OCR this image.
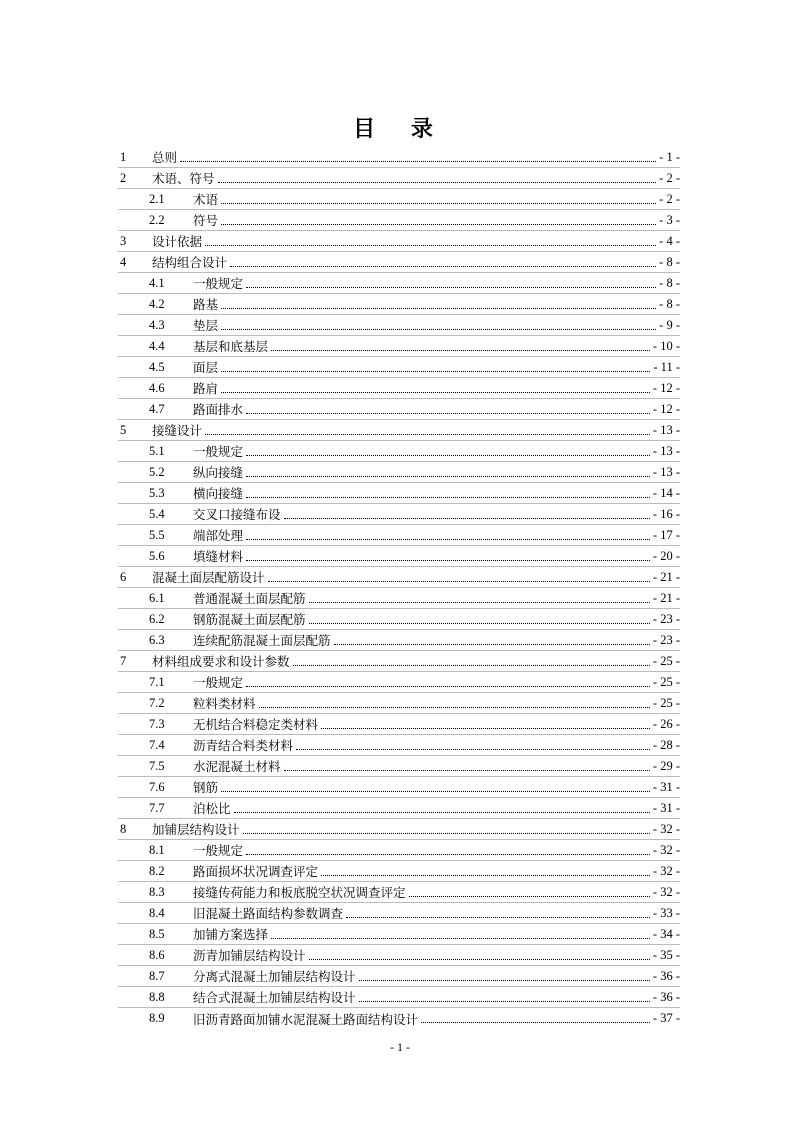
目 录
1	总则	- 1 -
2	术语、符号	- 2 -
2.1	术语	- 2 -
2.2	符号	- 3 -
3	设计依据	- 4 -
4	结构组合设计	- 8 -
4.1	一般规定	- 8 -
4.2	路基	- 8 -
4.3	垫层	- 9 -
4.4	基层和底基层	- 10 -
4.5	面层	- 11 -
4.6	路肩	- 12 -
4.7	路面排水	- 12 -
5	接缝设计	- 13 -
5.1	一般规定	- 13 -
5.2	纵向接缝	- 13 -
5.3	横向接缝	- 14 -
5.4	交叉口接缝布设	- 16 -
5.5	端部处理	- 17 -
5.6	填缝材料	- 20 -
6	混凝土面层配筋设计	- 21 -
6.1	普通混凝土面层配筋	- 21 -
6.2	钢筋混凝土面层配筋	- 23 -
6.3	连续配筋混凝土面层配筋	- 23 -
7	材料组成要求和设计参数	- 25 -
7.1	一般规定	- 25 -
7.2	粒料类材料	- 25 -
7.3	无机结合料稳定类材料	- 26 -
7.4	沥青结合料类材料	- 28 -
7.5	水泥混凝土材料	- 29 -
7.6	钢筋	- 31 -
7.7	泊松比	- 31 -
8	加铺层结构设计	- 32 -
8.1	一般规定	- 32 -
8.2	路面损坏状况调查评定	- 32 -
8.3	接缝传荷能力和板底脱空状况调查评定	- 32 -
8.4	旧混凝土路面结构参数调查	- 33 -
8.5	加铺方案选择	- 34 -
8.6	沥青加铺层结构设计	- 35 -
8.7	分离式混凝土加铺层结构设计	- 36 -
8.8	结合式混凝土加铺层结构设计	- 36 -
8.9	旧沥青路面加铺水泥混凝土路面结构设计	- 37 -
- 1 -
